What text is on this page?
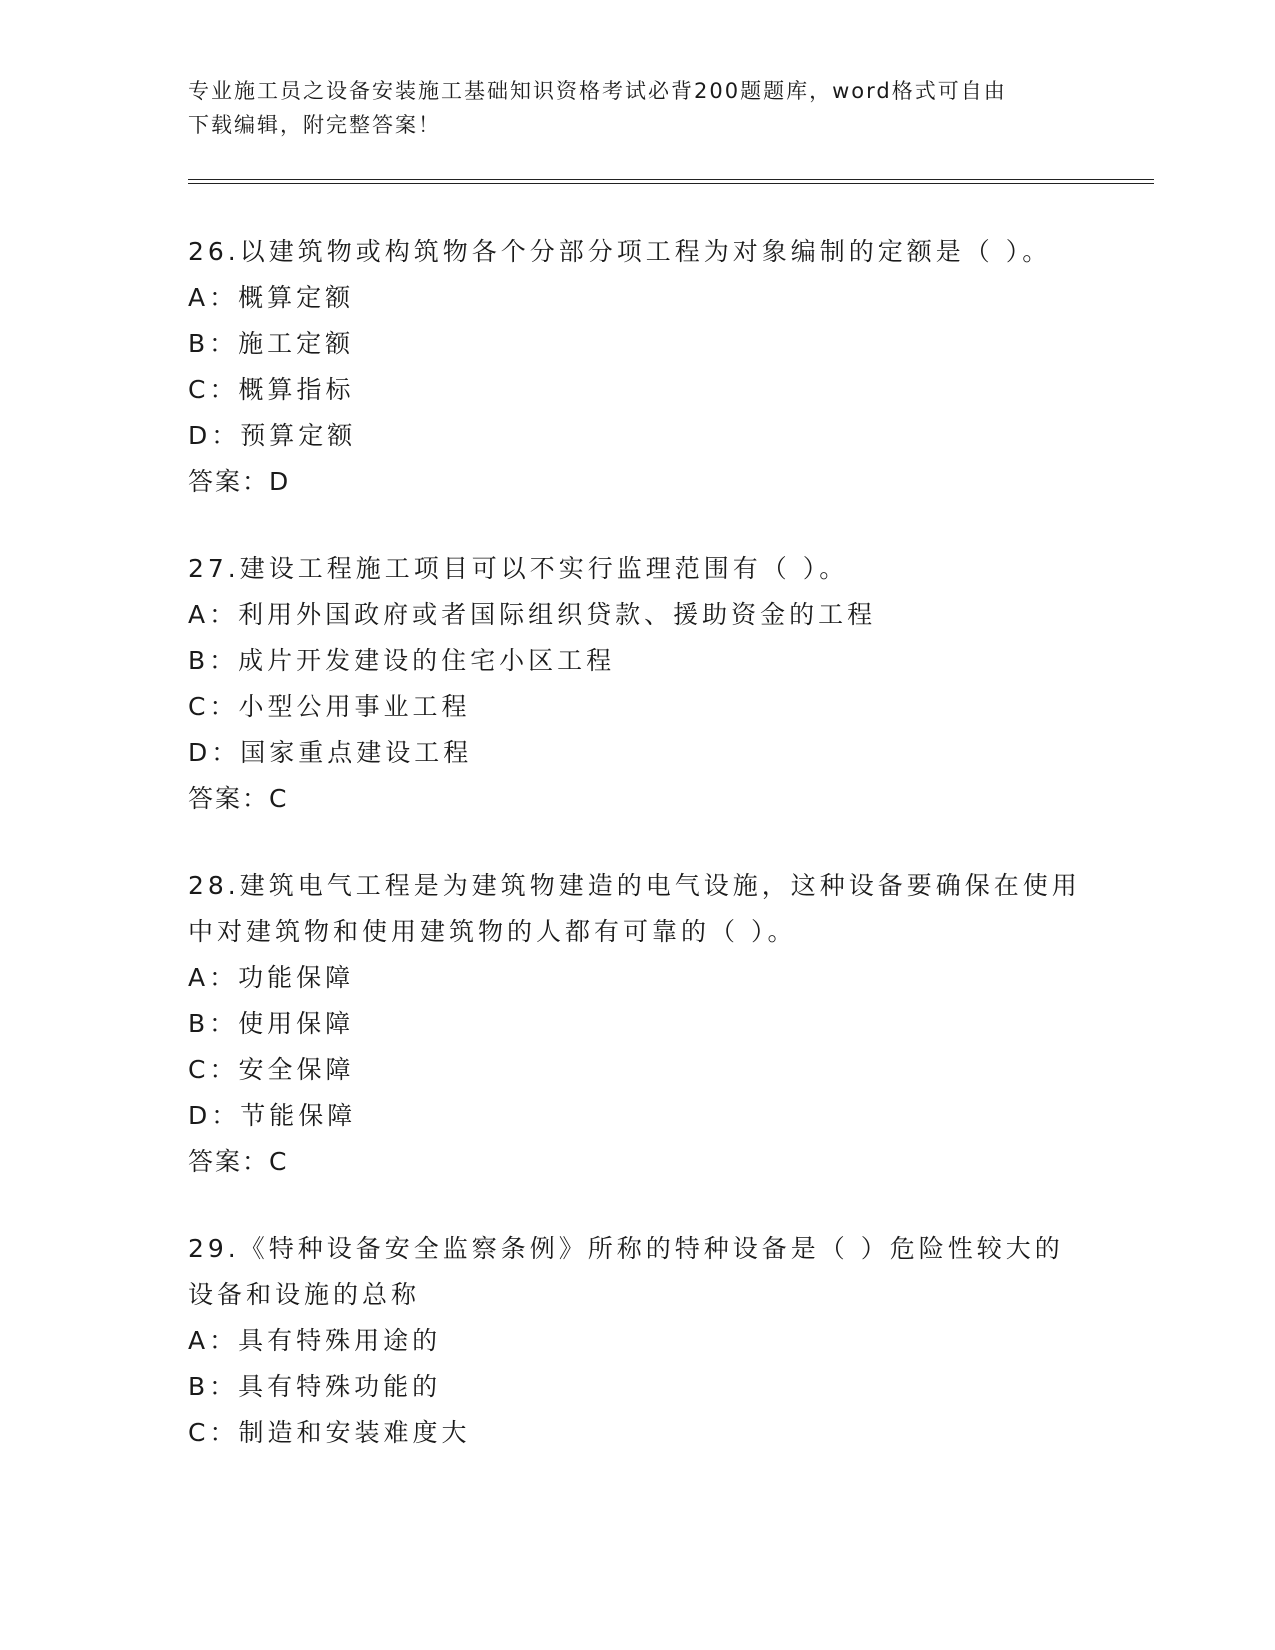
专业施工员之设备安装施工基础知识资格考试必背200题题库，word格式可自由
下载编辑，附完整答案！

26.以建筑物或构筑物各个分部分项工程为对象编制的定额是（ ）。

A：概算定额

B：施工定额

C：概算指标

D：预算定额

答案：D

27.建设工程施工项目可以不实行监理范围有（ ）。

A：利用外国政府或者国际组织贷款、援助资金的工程

B：成片开发建设的住宅小区工程

C：小型公用事业工程

D：国家重点建设工程

答案：C

28.建筑电气工程是为建筑物建造的电气设施，这种设备要确保在使用

中对建筑物和使用建筑物的人都有可靠的（ ）。

A：功能保障

B：使用保障

C：安全保障

D：节能保障

答案：C

29.《特种设备安全监察条例》所称的特种设备是（ ）危险性较大的

设备和设施的总称

A：具有特殊用途的

B：具有特殊功能的

C：制造和安装难度大
